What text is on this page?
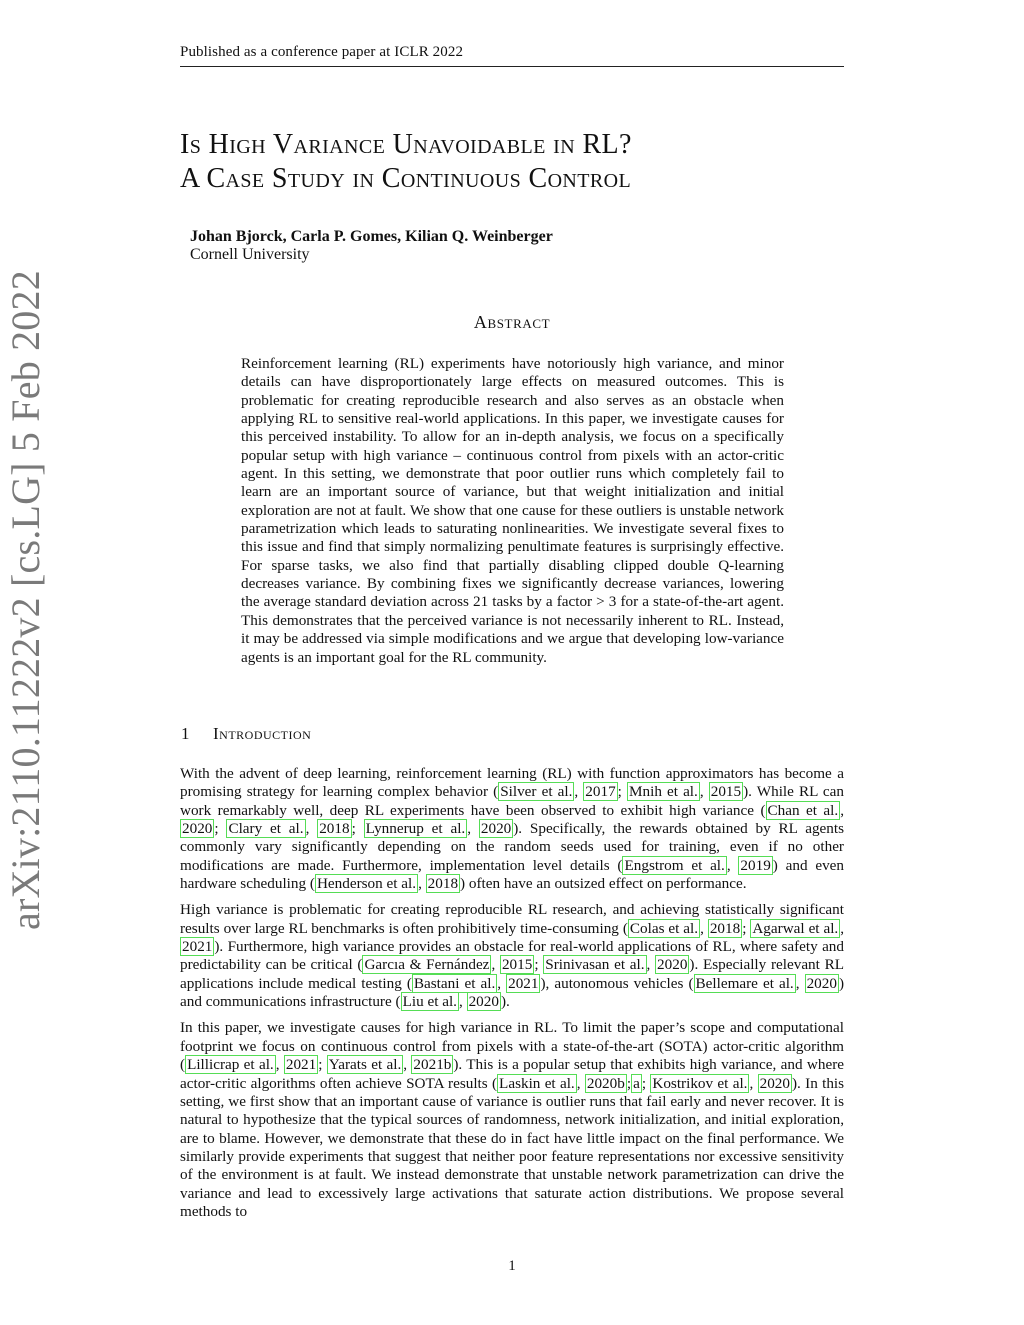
Published as a conference paper at ICLR 2022
arXiv:2110.11222v2 [cs.LG] 5 Feb 2022
Is High Variance Unavoidable in RL?
A Case Study in Continuous Control
Johan Bjorck, Carla P. Gomes, Kilian Q. Weinberger
Cornell University
Abstract
Reinforcement learning (RL) experiments have notoriously high variance, and minor details can have disproportionately large effects on measured outcomes. This is problematic for creating reproducible research and also serves as an obstacle when applying RL to sensitive real-world applications. In this paper, we investigate causes for this perceived instability. To allow for an in-depth analysis, we focus on a specifically popular setup with high variance – continuous control from pixels with an actor-critic agent. In this setting, we demonstrate that poor outlier runs which completely fail to learn are an important source of variance, but that weight initialization and initial exploration are not at fault. We show that one cause for these outliers is unstable network parametrization which leads to saturating nonlinearities. We investigate several fixes to this issue and find that simply normalizing penultimate features is surprisingly effective. For sparse tasks, we also find that partially disabling clipped double Q-learning decreases variance. By combining fixes we significantly decrease variances, lowering the average standard deviation across 21 tasks by a factor > 3 for a state-of-the-art agent. This demonstrates that the perceived variance is not necessarily inherent to RL. Instead, it may be addressed via simple modifications and we argue that developing low-variance agents is an important goal for the RL community.
1 Introduction

With the advent of deep learning, reinforcement learning (RL) with function approximators has become a promising strategy for learning complex behavior ( Silver et al. , 2017 ; Mnih et al. , 2015 ). While RL can work remarkably well, deep RL experiments have been observed to exhibit high variance ( Chan et al. , 2020 ; Clary et al. , 2018 ; Lynnerup et al. , 2020 ). Specifically, the rewards obtained by RL agents commonly vary significantly depending on the random seeds used for training, even if no other modifications are made. Furthermore, implementation level details ( Engstrom et al. , 2019 ) and even hardware scheduling ( Henderson et al. , 2018 ) often have an outsized effect on performance.

High variance is problematic for creating reproducible RL research, and achieving statistically significant results over large RL benchmarks is often prohibitively time-consuming ( Colas et al. , 2018 ; Agarwal et al. , 2021 ). Furthermore, high variance provides an obstacle for real-world applications of RL, where safety and predictability can be critical ( Garcıa & Fernández , 2015 ; Srinivasan et al. , 2020 ). Especially relevant RL applications include medical testing ( Bastani et al. , 2021 ), autonomous vehicles ( Bellemare et al. , 2020 ) and communications infrastructure ( Liu et al. , 2020 ).

In this paper, we investigate causes for high variance in RL. To limit the paper’s scope and computational footprint we focus on continuous control from pixels with a state-of-the-art (SOTA) actor-critic algorithm ( Lillicrap et al. , 2021 ; Yarats et al. , 2021b ). This is a popular setup that exhibits high variance, and where actor-critic algorithms often achieve SOTA results ( Laskin et al. , 2020b ; a ; Kostrikov et al. , 2020 ). In this setting, we first show that an important cause of variance is outlier runs that fail early and never recover. It is natural to hypothesize that the typical sources of randomness, network initialization, and initial exploration, are to blame. However, we demonstrate that these do in fact have little impact on the final performance. We similarly provide experiments that suggest that neither poor feature representations nor excessive sensitivity of the environment is at fault. We instead demonstrate that unstable network parametrization can drive the variance and lead to excessively large activations that saturate action distributions. We propose several methods to

1
